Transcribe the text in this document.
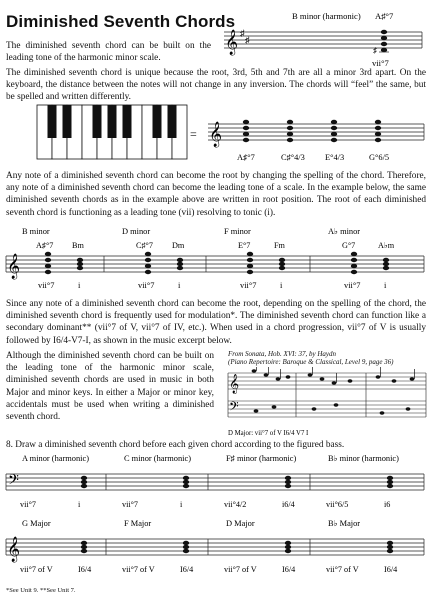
Diminished Seventh Chords
The diminished seventh chord can be built on the leading tone of the harmonic minor scale.
B minor (harmonic) A♯°7
𝄞 ♯
♯
♯
vii°7
The diminished seventh chord is unique because the root, 3rd, 5th and 7th are all a minor 3rd apart. On the keyboard, the distance between the notes will not change in any inversion. The chords will “feel” the same, but be spelled and written differently.
= 𝄞
A♯°7	C♯°4/3 E°4/3	G°6/5
Any note of a diminished seventh chord can become the root by changing the spelling of the chord. Therefore, any note of a diminished seventh chord can become the leading tone of a scale. In the example below, the same diminished seventh chords as in the example above are written in root position. The root of each diminished seventh chord is functioning as a leading tone (vii) resolving to tonic (i).
𝄞
B minor
A♯°7 Bm
vii°7	i
D minor
C♯°7 Dm
vii°7	i
F minor
E°7	Fm
vii°7	i
A♭ minor
G°7	A♭m
vii°7	i
Since any note of a diminished seventh chord can become the root, depending on the spelling of the chord, the diminished seventh chord is frequently used for modulation*. The diminished seventh chord can function like a secondary dominant** (vii°7 of V, vii°7 of IV, etc.). When used in a chord progression, vii°7 of V is usually followed by I6/4-V7-I, as shown in the music excerpt below.
Although the diminished seventh chord can be built on the leading tone of the harmonic minor scale, diminished seventh chords are used in music in both Major and minor keys. In either a Major or minor key, accidentals must be used when writing a diminished seventh chord.
From Sonata, Hob. XVI: 37, by Haydn
(Piano Repertoire: Baroque & Classical, Level 9, page 36)
𝄞
𝄢
D Major: vii°7 of V I6/4 V7 I
8. Draw a diminished seventh chord before each given chord according to the figured bass.
𝄢
A minor (harmonic)
vii°7	i
C minor (harmonic)
vii°7	i
F♯ minor (harmonic)
vii°4/2	i6/4
B♭ minor (harmonic)
vii°6/5	i6
𝄞
G Major
vii°7 of V	I6/4
F Major
vii°7 of V	I6/4
D Major
vii°7 of V	I6/4
B♭ Major
vii°7 of V	I6/4
*See Unit 9. **See Unit 7.
